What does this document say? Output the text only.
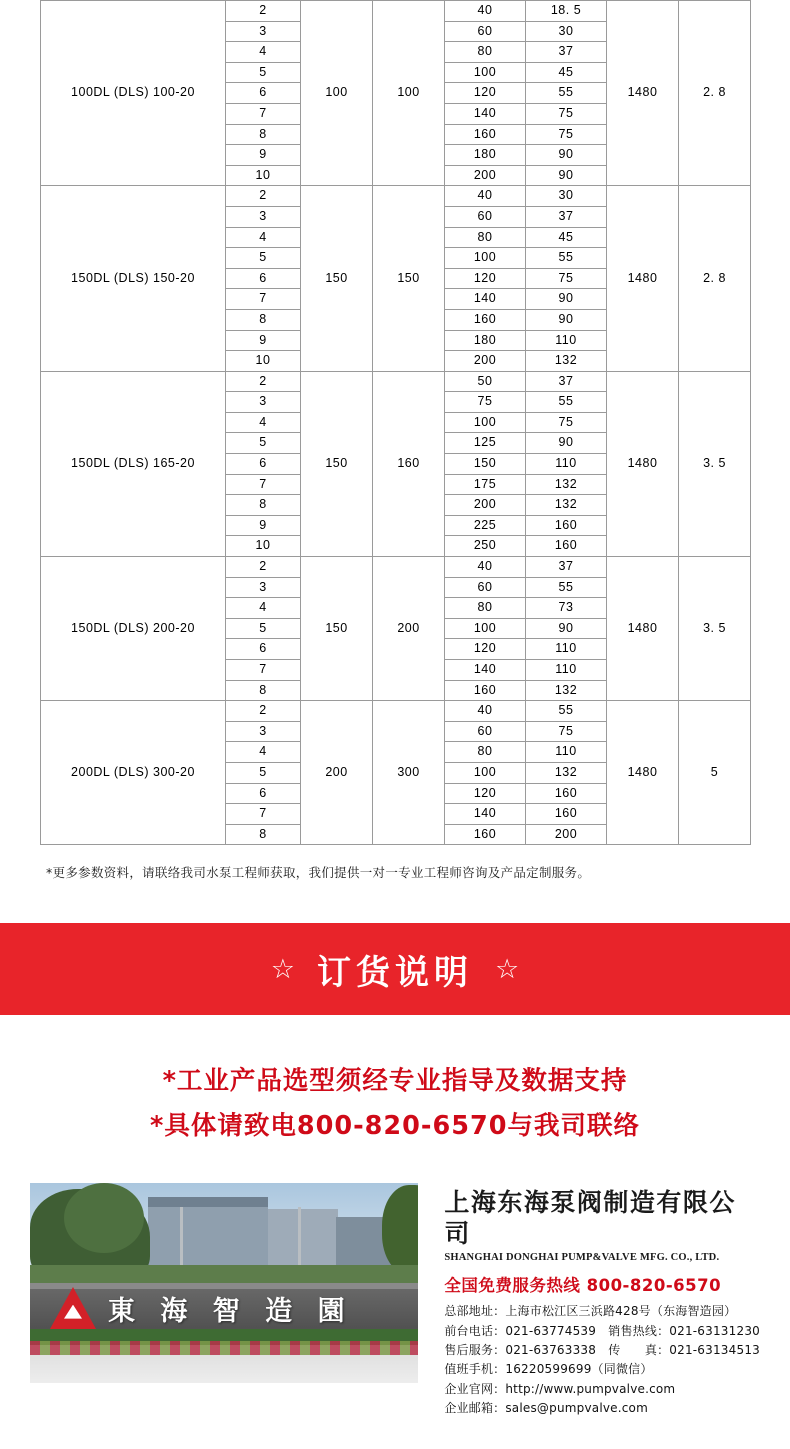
100DL (DLS) 100-20	2	100	100	40	18. 5	1480	2. 8
	3			60	30		
	4			80	37		
	5			100	45		
	6			120	55		
	7			140	75		
	8			160	75		
	9			180	90		
	10			200	90		
150DL (DLS) 150-20	2	150	150	40	30	1480	2. 8
	3			60	37		
	4			80	45		
	5			100	55		
	6			120	75		
	7			140	90		
	8			160	90		
	9			180	110		
	10			200	132		
150DL (DLS) 165-20	2	150	160	50	37	1480	3. 5
	3			75	55		
	4			100	75		
	5			125	90		
	6			150	110		
	7			175	132		
	8			200	132		
	9			225	160		
	10			250	160		
150DL (DLS) 200-20	2	150	200	40	37	1480	3. 5
	3			60	55		
	4			80	73		
	5			100	90		
	6			120	110		
	7			140	110		
	8			160	132		
200DL (DLS) 300-20	2	200	300	40	55	1480	5
	3			60	75		
	4			80	110		
	5			100	132		
	6			120	160		
	7			140	160		
	8			160	200		
*更多参数资料，请联络我司水泵工程师获取，我们提供一对一专业工程师咨询及产品定制服务。
☆ 订货说明 ☆
*工业产品选型须经专业指导及数据支持
*具体请致电800-820-6570与我司联络
東 海 智 造 園
上海东海泵阀制造有限公司
SHANGHAI DONGHAI PUMP&VALVE MFG. CO., LTD.
全国免费服务热线 800-820-6570
总部地址：上海市松江区三浜路428号（东海智造园）
前台电话：021-63774539　销售热线：021-63131230
售后服务：021-63763338　传　　真：021-63134513
值班手机：16220599699（同微信）
企业官网：http://www.pumpvalve.com
企业邮箱：sales@pumpvalve.com
